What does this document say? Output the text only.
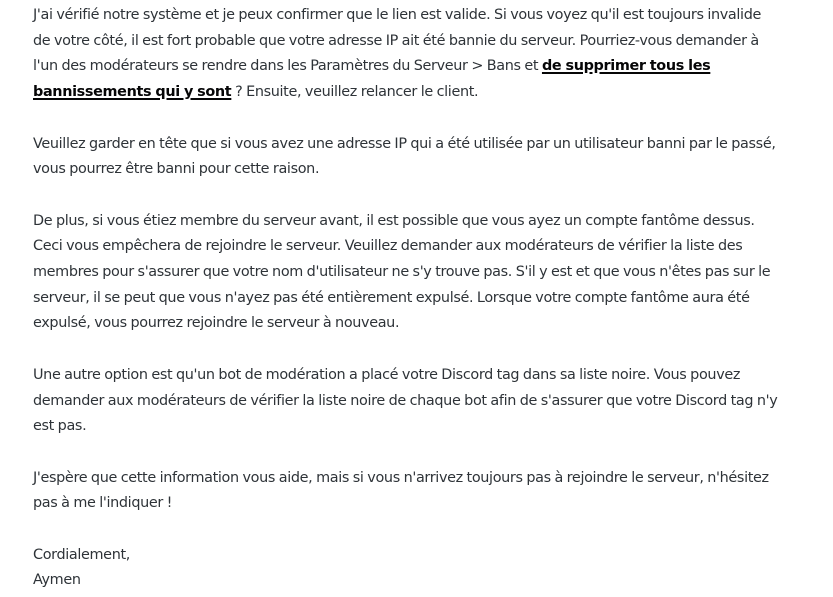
J'ai vérifié notre système et je peux confirmer que le lien est valide. Si vous voyez qu'il est toujours invalide de votre côté, il est fort probable que votre adresse IP ait été bannie du serveur. Pourriez-vous demander à l'un des modérateurs se rendre dans les Paramètres du Serveur > Bans et de supprimer tous les bannissements qui y sont ? Ensuite, veuillez relancer le client.

Veuillez garder en tête que si vous avez une adresse IP qui a été utilisée par un utilisateur banni par le passé, vous pourrez être banni pour cette raison.

De plus, si vous étiez membre du serveur avant, il est possible que vous ayez un compte fantôme dessus. Ceci vous empêchera de rejoindre le serveur. Veuillez demander aux modérateurs de vérifier la liste des membres pour s'assurer que votre nom d'utilisateur ne s'y trouve pas. S'il y est et que vous n'êtes pas sur le serveur, il se peut que vous n'ayez pas été entièrement expulsé. Lorsque votre compte fantôme aura été expulsé, vous pourrez rejoindre le serveur à nouveau.

Une autre option est qu'un bot de modération a placé votre Discord tag dans sa liste noire. Vous pouvez demander aux modérateurs de vérifier la liste noire de chaque bot afin de s'assurer que votre Discord tag n'y est pas.

J'espère que cette information vous aide, mais si vous n'arrivez toujours pas à rejoindre le serveur, n'hésitez pas à me l'indiquer !

Cordialement,
Aymen
